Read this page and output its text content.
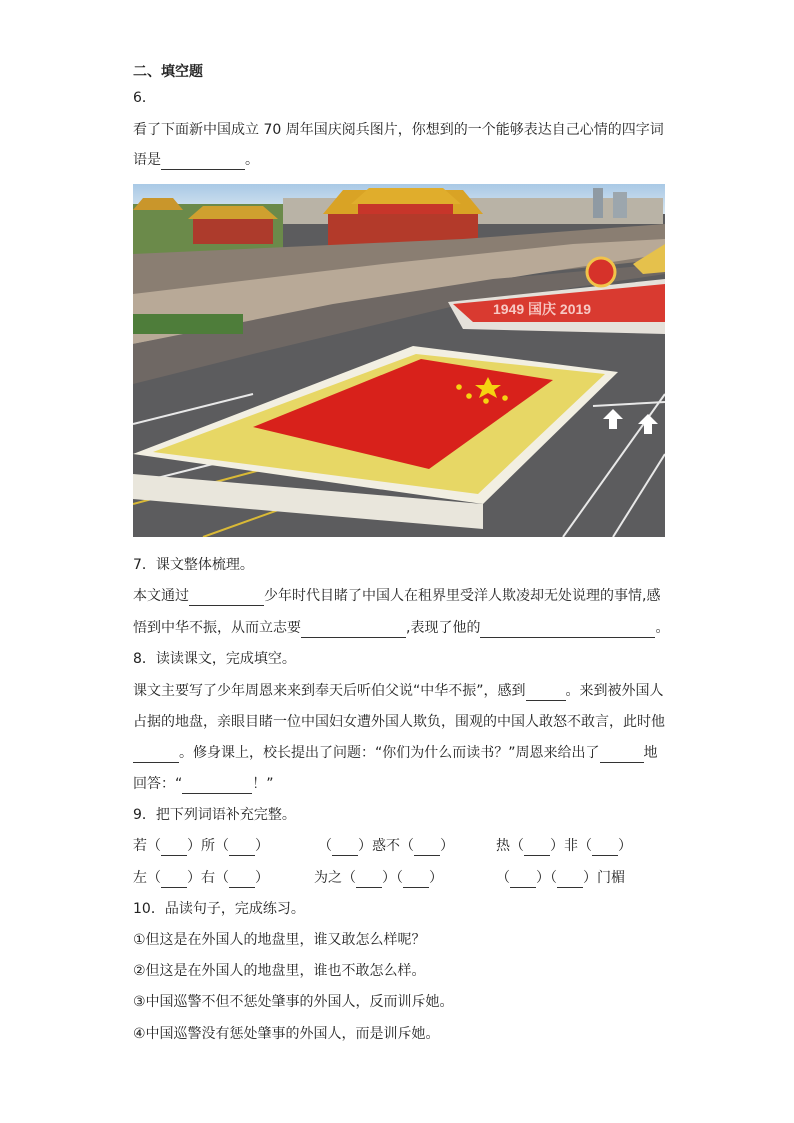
二、填空题
6．
看了下面新中国成立 70 周年国庆阅兵图片，你想到的一个能够表达自己心情的四字词
语是	。
1949 国庆 2019
7．课文整体梳理。
本文通过	少年时代目睹了中国人在租界里受洋人欺凌却无处说理的事情,感
悟到中华不振，从而立志要	,表现了他的	。
8．读读课文，完成填空。
课文主要写了少年周恩来来到奉天后听伯父说“中华不振”，感到	。来到被外国人
占据的地盘，亲眼目睹一位中国妇女遭外国人欺负，围观的中国人敢怒不敢言，此时他
。修身课上，校长提出了问题：“你们为什么而读书？”周恩来给出了	地
回答：“	！”
9．把下列词语补充完整。
若（ ）所（ ）	（ ）惑不（ ）	热（ ）非（ ）
左（ ）右（ ）	为之（ ）（ ）	（ ）（ ）门楣
10．品读句子，完成练习。
①但这是在外国人的地盘里，谁又敢怎么样呢？
②但这是在外国人的地盘里，谁也不敢怎么样。
③中国巡警不但不惩处肇事的外国人，反而训斥她。
④中国巡警没有惩处肇事的外国人，而是训斥她。
